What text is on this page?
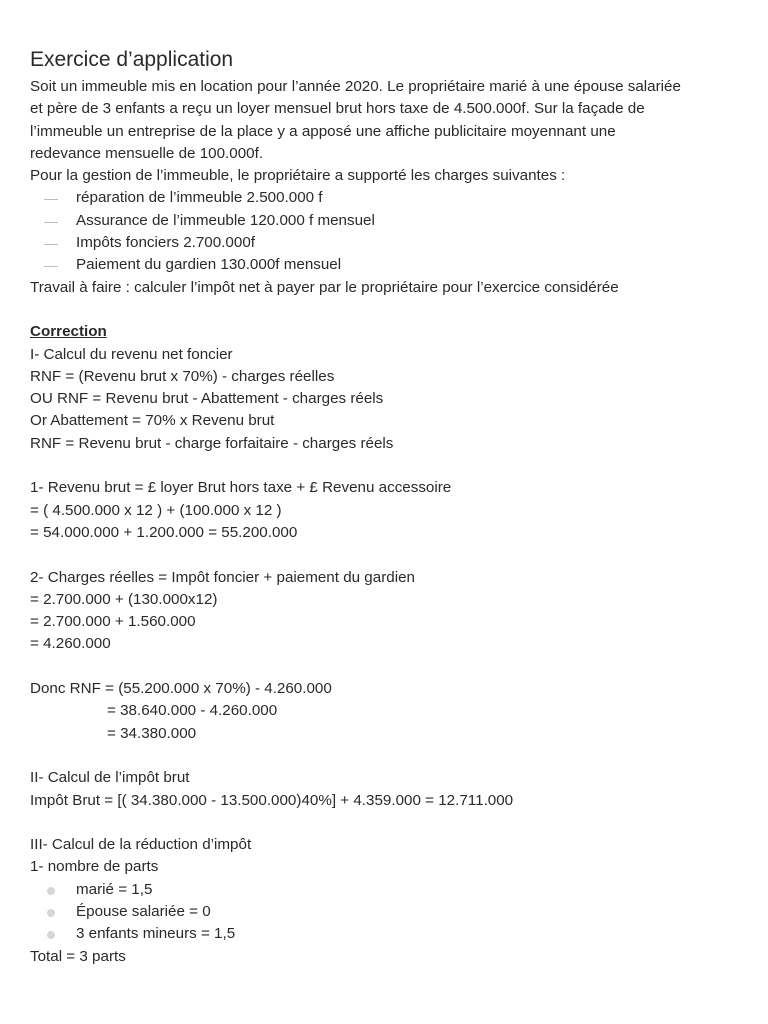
Exercice d’application

Soit un immeuble mis en location pour l’année 2020. Le propriétaire marié à une épouse salariée

et père de 3 enfants a reçu un loyer mensuel brut hors taxe de 4.500.000f. Sur la façade de

l’immeuble un entreprise de la place y a apposé une affiche publicitaire moyennant une

redevance mensuelle de 100.000f.

Pour la gestion de l’immeuble, le propriétaire a supporté les charges suivantes :

— réparation de l’immeuble 2.500.000 f
— Assurance de l’immeuble 120.000 f mensuel
— Impôts fonciers 2.700.000f
— Paiement du gardien 130.000f mensuel

Travail à faire : calculer l’impôt net à payer par le propriétaire pour l’exercice considérée

Correction

I- Calcul du revenu net foncier

RNF = (Revenu brut x 70%) - charges réelles

OU RNF = Revenu brut - Abattement - charges réels

Or Abattement = 70% x Revenu brut

RNF = Revenu brut - charge forfaitaire - charges réels

1- Revenu brut = £ loyer Brut hors taxe + £ Revenu accessoire

= ( 4.500.000 x 12 ) + (100.000 x 12 )

= 54.000.000 + 1.200.000 = 55.200.000

2- Charges réelles = Impôt foncier + paiement du gardien

= 2.700.000 + (130.000x12)

= 2.700.000 + 1.560.000

= 4.260.000

Donc RNF = (55.200.000 x 70%) - 4.260.000

= 38.640.000 - 4.260.000

= 34.380.000

II- Calcul de l’impôt brut

Impôt Brut = [( 34.380.000 - 13.500.000)40%] + 4.359.000 = 12.711.000

III- Calcul de la réduction d’impôt

1- nombre de parts

marié = 1,5
Épouse salariée = 0
3 enfants mineurs = 1,5

Total = 3 parts
